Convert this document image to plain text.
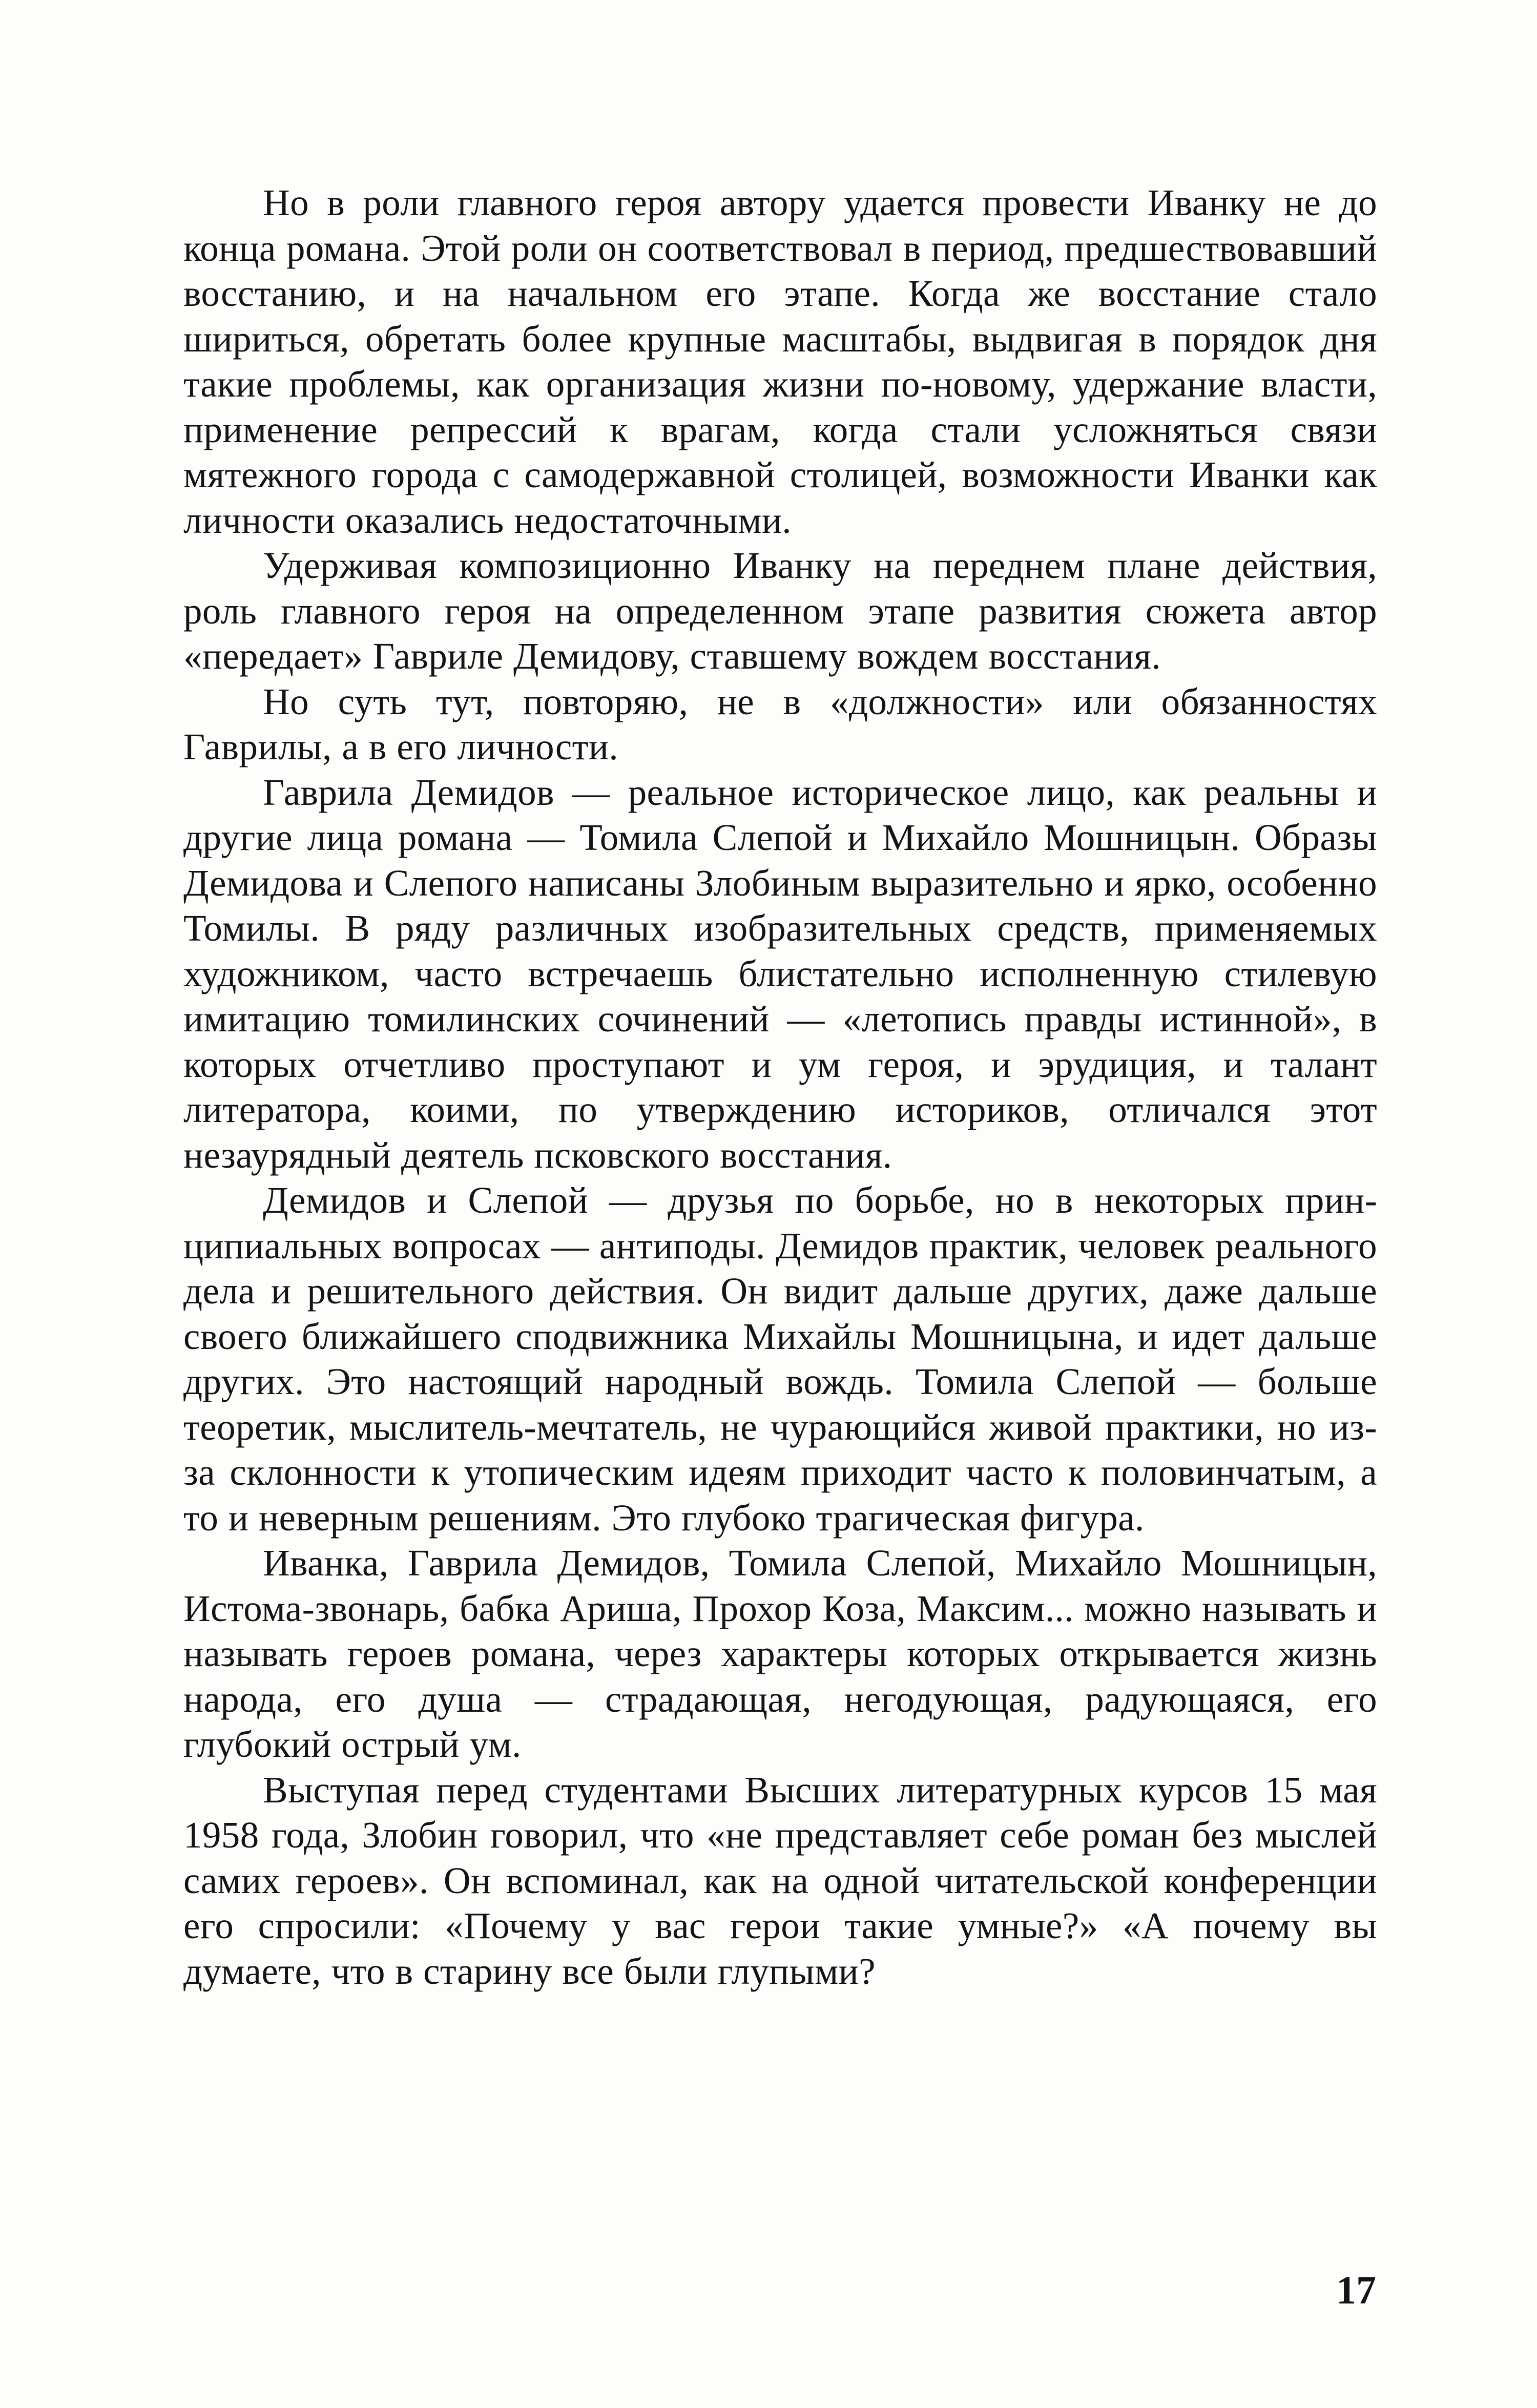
Но в роли главного героя автору удается провести Иванку не до конца романа. Этой роли он соответствовал в период, предшествовавший восстанию, и на начальном его этапе. Когда же восстание стало шириться, обретать более крупные масштабы, выдвигая в порядок дня такие проблемы, как организация жизни по-новому, удержание власти, применение репрессий к врагам, когда стали усложняться связи мятежного города с самодержавной столицей, возможности Иванки как личности оказались недостаточными.

Удерживая композиционно Иванку на переднем плане действия, роль главного героя на определенном этапе развития сюжета автор «передает» Гавриле Демидову, ставшему вождем восстания.

Но суть тут, повторяю, не в «должности» или обязанностях Гаврилы, а в его личности.

Гаврила Демидов — реальное историческое лицо, как реальны и другие лица романа — Томила Слепой и Михайло Мошницын. Образы Демидова и Слепого написаны Злобиным выразительно и ярко, особенно Томилы. В ряду различных изобразительных средств, применяемых художником, часто встречаешь блистательно исполненную стилевую имитацию томилинских сочинений — «летопись правды истинной», в которых отчетливо проступают и ум героя, и эрудиция, и талант литератора, коими, по утверждению историков, отличался этот незаурядный деятель псковского восстания.

Демидов и Слепой — друзья по борьбе, но в некоторых принципиальных вопросах — антиподы. Демидов практик, человек реального дела и решительного действия. Он видит дальше других, даже дальше своего ближайшего сподвижника Михайлы Мошницына, и идет дальше других. Это настоящий народный вождь. Томила Слепой — больше теоретик, мыслитель-мечтатель, не чурающийся живой практики, но из-за склонности к утопическим идеям приходит часто к половинчатым, а то и неверным решениям. Это глубоко трагическая фигура.

Иванка, Гаврила Демидов, Томила Слепой, Михайло Мошницын, Истома-звонарь, бабка Ариша, Прохор Коза, Максим... можно называть и называть героев романа, через характеры которых открывается жизнь народа, его душа — страдающая, негодующая, радующаяся, его глубокий острый ум.

Выступая перед студентами Высших литературных курсов 15 мая 1958 года, Злобин говорил, что «не представляет себе роман без мыслей самих героев». Он вспоминал, как на одной читательской конференции его спросили: «Почему у вас герои такие умные?» «А почему вы думаете, что в старину все были глупыми?

17
